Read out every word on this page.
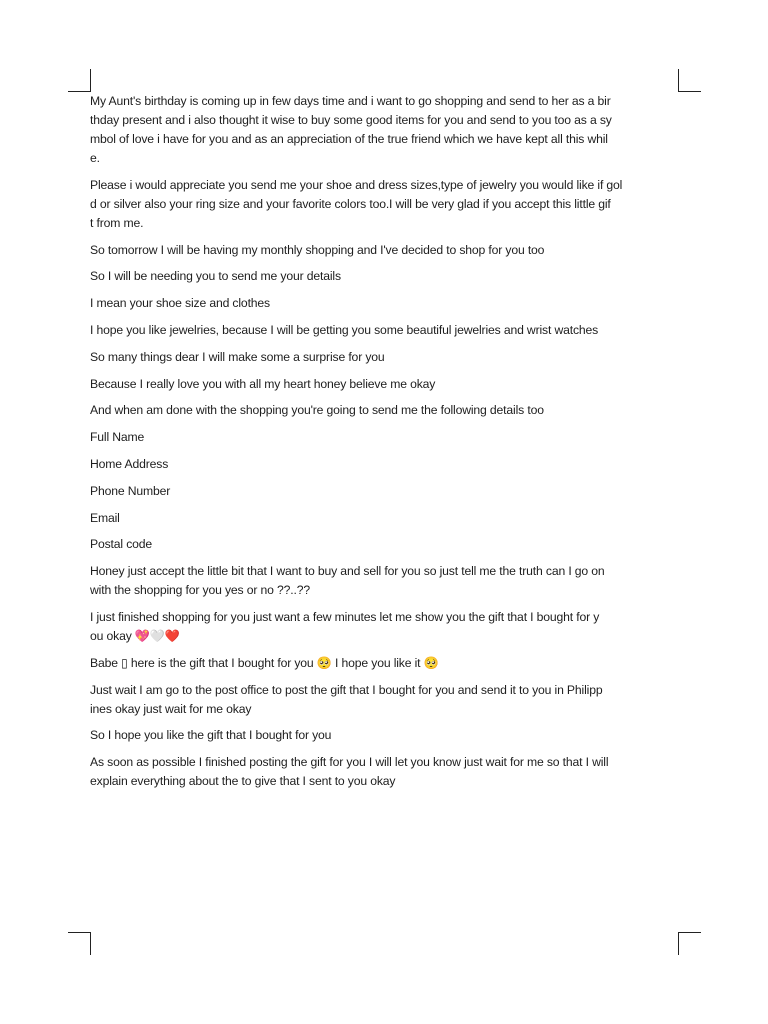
My Aunt's birthday is coming up in few days time and i want to go shopping and send to her as a bir
thday present and i also thought it wise to buy some good items for you and send to you too as a sy
mbol of love i have for you and as an appreciation of the true friend which we have kept all this whil
e.
Please i would appreciate you send me your shoe and dress sizes,type of jewelry you would like if gol
d or silver also your ring size and your favorite colors too.I will be very glad if you accept this little gif
t from me.
So tomorrow I will be having my monthly shopping and I've decided to shop for you too
So I will be needing you to send me your details
I mean your shoe size and clothes
I hope you like jewelries, because I will be getting you some beautiful jewelries and wrist watches
So many things dear I will make some a surprise for you
Because I really love you with all my heart honey believe me okay
And when am done with the shopping you're going to send me the following details too
Full Name
Home Address
Phone Number
Email
Postal code
Honey just accept the little bit that I want to buy and sell for you so just tell me the truth can I go on
with the shopping for you yes or no ??..??
I just finished shopping for you just want a few minutes let me show you the gift that I bought for y
ou okay 💖🤍❤️
Babe ▯ here is the gift that I bought for you 🥺 I hope you like it 🥺
Just wait I am go to the post office to post the gift that I bought for you and send it to you in Philipp
ines okay just wait for me okay
So I hope you like the gift that I bought for you
As soon as possible I finished posting the gift for you I will let you know just wait for me so that I will
explain everything about the to give that I sent to you okay
